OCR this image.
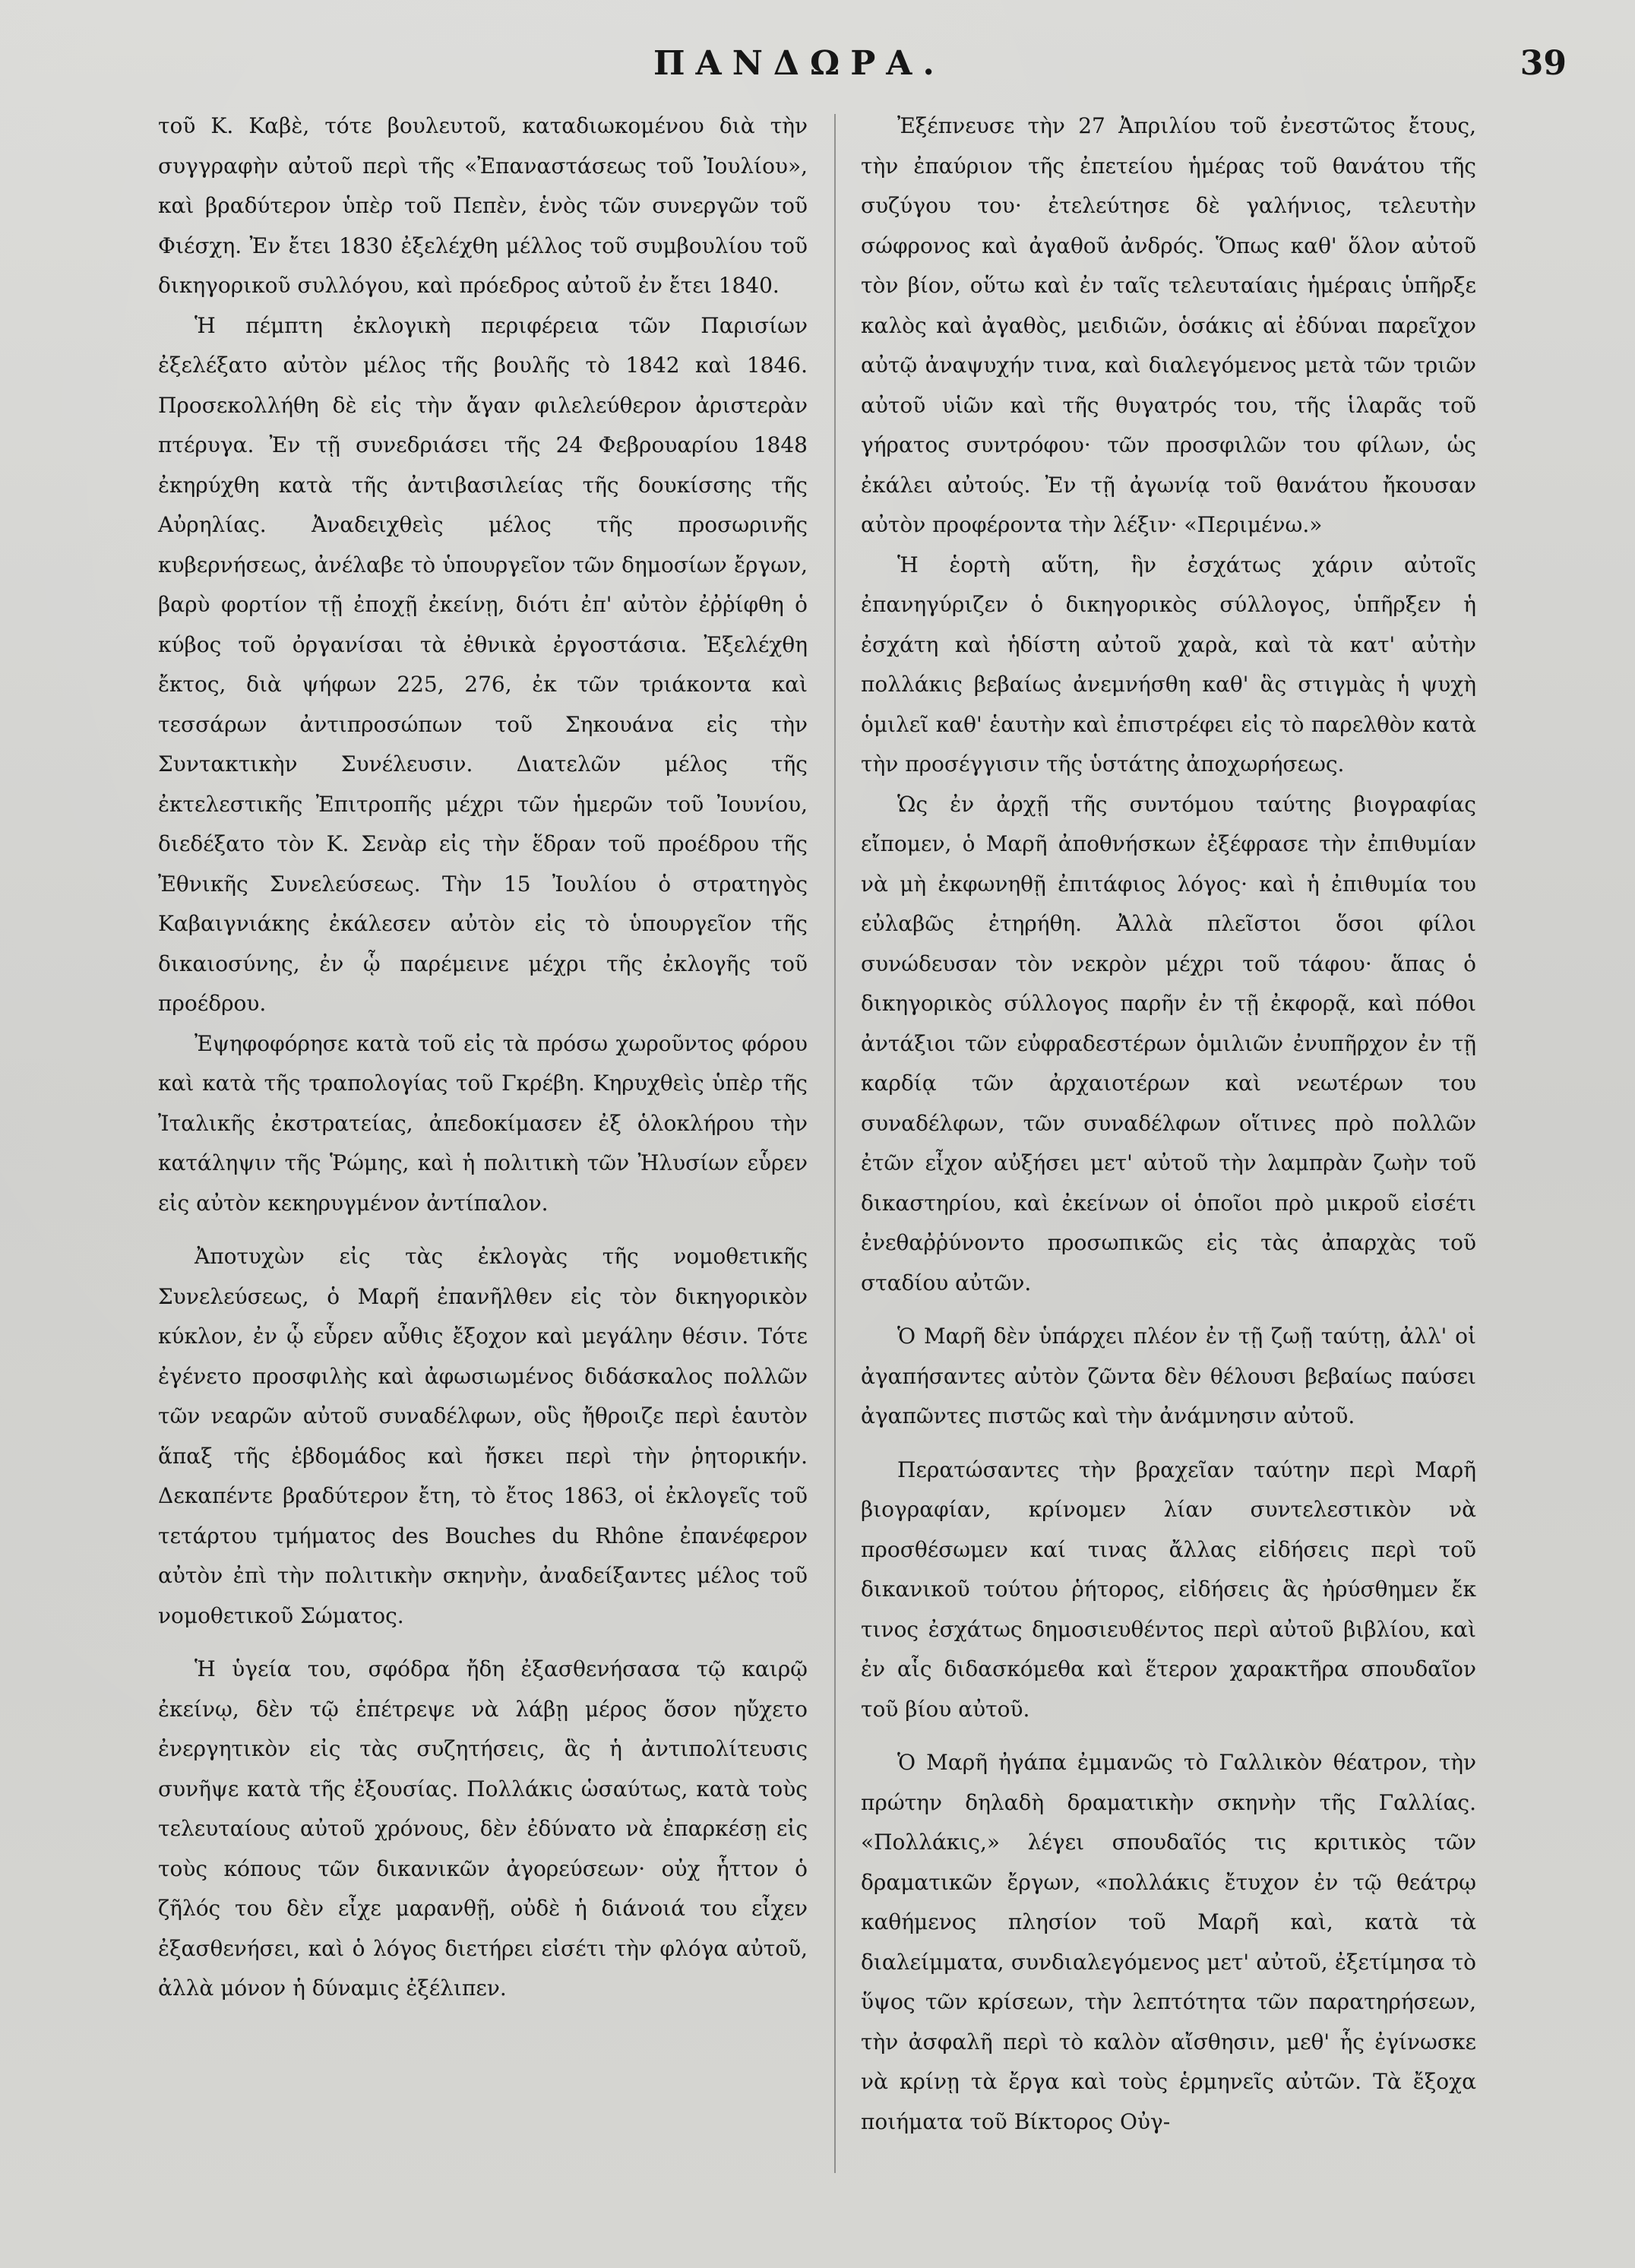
ΠΑΝΔΩΡΑ.	39

τοῦ Κ. Καβὲ, τότε βουλευτοῦ, καταδιωκομένου διὰ τὴν συγγραφὴν αὐτοῦ περὶ τῆς «Ἐπαναστάσεως τοῦ Ἰουλίου», καὶ βραδύτερον ὑπὲρ τοῦ Πεπὲν, ἑνὸς τῶν συνεργῶν τοῦ Φιέσχη. Ἐν ἔτει 1830 ἐξελέχθη μέλλος τοῦ συμβουλίου τοῦ δικηγορικοῦ συλλόγου, καὶ πρόεδρος αὐτοῦ ἐν ἔτει 1840.

Ἡ πέμπτη ἐκλογικὴ περιφέρεια τῶν Παρισίων ἐξελέξατο αὐτὸν μέλος τῆς βουλῆς τὸ 1842 καὶ 1846. Προσεκολλήθη δὲ εἰς τὴν ἄγαν φιλελεύθερον ἀριστερὰν πτέρυγα. Ἐν τῇ συνεδριάσει τῆς 24 Φεβρουαρίου 1848 ἐκηρύχθη κατὰ τῆς ἀντιβασιλείας τῆς δουκίσσης τῆς Αὐρηλίας. Ἀναδειχθεὶς μέλος τῆς προσωρινῆς κυβερνήσεως, ἀνέλαβε τὸ ὑπουργεῖον τῶν δημοσίων ἔργων, βαρὺ φορτίον τῇ ἐποχῇ ἐκείνῃ, διότι ἐπ' αὐτὸν ἐῤῥίφθη ὁ κύβος τοῦ ὀργανίσαι τὰ ἐθνικὰ ἐργοστάσια. Ἐξελέχθη ἔκτος, διὰ ψήφων 225, 276, ἐκ τῶν τριάκοντα καὶ τεσσάρων ἀντιπροσώπων τοῦ Σηκουάνα εἰς τὴν Συντακτικὴν Συνέλευσιν. Διατελῶν μέλος τῆς ἐκτελεστικῆς Ἐπιτροπῆς μέχρι τῶν ἡμερῶν τοῦ Ἰουνίου, διεδέξατο τὸν Κ. Σενὰρ εἰς τὴν ἕδραν τοῦ προέδρου τῆς Ἐθνικῆς Συνελεύσεως. Τὴν 15 Ἰουλίου ὁ στρατηγὸς Καβαιγνιάκης ἐκάλεσεν αὐτὸν εἰς τὸ ὑπουργεῖον τῆς δικαιοσύνης, ἐν ᾧ παρέμεινε μέχρι τῆς ἐκλογῆς τοῦ προέδρου.

Ἐψηφοφόρησε κατὰ τοῦ εἰς τὰ πρόσω χωροῦντος φόρου καὶ κατὰ τῆς τραπολογίας τοῦ Γκρέβη. Κηρυχθεὶς ὑπὲρ τῆς Ἰταλικῆς ἐκστρατείας, ἀπεδοκίμασεν ἐξ ὁλοκλήρου τὴν κατάληψιν τῆς Ῥώμης, καὶ ἡ πολιτικὴ τῶν Ἠλυσίων εὗρεν εἰς αὐτὸν κεκηρυγμένον ἀντίπαλον.

Ἀποτυχὼν εἰς τὰς ἐκλογὰς τῆς νομοθετικῆς Συνελεύσεως, ὁ Μαρῆ ἐπανῆλθεν εἰς τὸν δικηγορικὸν κύκλον, ἐν ᾧ εὗρεν αὖθις ἔξοχον καὶ μεγάλην θέσιν. Τότε ἐγένετο προσφιλὴς καὶ ἀφωσιωμένος διδάσκαλος πολλῶν τῶν νεαρῶν αὐτοῦ συναδέλφων, οὓς ἤθροιζε περὶ ἑαυτὸν ἅπαξ τῆς ἑβδομάδος καὶ ἤσκει περὶ τὴν ῥητορικήν. Δεκαπέντε βραδύτερον ἔτη, τὸ ἔτος 1863, οἱ ἐκλογεῖς τοῦ τετάρτου τμήματος des Bouches du Rhône ἐπανέφερον αὐτὸν ἐπὶ τὴν πολιτικὴν σκηνὴν, ἀναδείξαντες μέλος τοῦ νομοθετικοῦ Σώματος.

Ἡ ὑγεία του, σφόδρα ἤδη ἐξασθενήσασα τῷ καιρῷ ἐκείνῳ, δὲν τῷ ἐπέτρεψε νὰ λάβῃ μέρος ὅσον ηὔχετο ἐνεργητικὸν εἰς τὰς συζητήσεις, ἃς ἡ ἀντιπολίτευσις συνῆψε κατὰ τῆς ἐξουσίας. Πολλάκις ὡσαύτως, κατὰ τοὺς τελευταίους αὐτοῦ χρόνους, δὲν ἐδύνατο νὰ ἐπαρκέσῃ εἰς τοὺς κόπους τῶν δικανικῶν ἀγορεύσεων· οὐχ ἧττον ὁ ζῆλός του δὲν εἶχε μαρανθῇ, οὐδὲ ἡ διάνοιά του εἶχεν ἐξασθενήσει, καὶ ὁ λόγος διετήρει εἰσέτι τὴν φλόγα αὐτοῦ, ἀλλὰ μόνον ἡ δύναμις ἐξέλιπεν.

Ἐξέπνευσε τὴν 27 Ἀπριλίου τοῦ ἐνεστῶτος ἔτους, τὴν ἐπαύριον τῆς ἐπετείου ἡμέρας τοῦ θανάτου τῆς συζύγου του· ἐτελεύτησε δὲ γαλήνιος, τελευτὴν σώφρονος καὶ ἀγαθοῦ ἀνδρός. Ὅπως καθ' ὅλον αὐτοῦ τὸν βίον, οὕτω καὶ ἐν ταῖς τελευταίαις ἡμέραις ὑπῆρξε καλὸς καὶ ἀγαθὸς, μειδιῶν, ὁσάκις αἱ ἐδύναι παρεῖχον αὐτῷ ἀναψυχήν τινα, καὶ διαλεγόμενος μετὰ τῶν τριῶν αὐτοῦ υἱῶν καὶ τῆς θυγατρός του, τῆς ἱλαρᾶς τοῦ γήρατος συντρόφου· τῶν προσφιλῶν του φίλων, ὡς ἐκάλει αὐτούς. Ἐν τῇ ἀγωνίᾳ τοῦ θανάτου ἤκουσαν αὐτὸν προφέροντα τὴν λέξιν· «Περιμένω.»

Ἡ ἑορτὴ αὕτη, ἣν ἐσχάτως χάριν αὐτοῖς ἐπανηγύριζεν ὁ δικηγορικὸς σύλλογος, ὑπῆρξεν ἡ ἐσχάτη καὶ ἡδίστη αὐτοῦ χαρὰ, καὶ τὰ κατ' αὐτὴν πολλάκις βεβαίως ἀνεμνήσθη καθ' ἃς στιγμὰς ἡ ψυχὴ ὁμιλεῖ καθ' ἑαυτὴν καὶ ἐπιστρέφει εἰς τὸ παρελθὸν κατὰ τὴν προσέγγισιν τῆς ὑστάτης ἀποχωρήσεως.

Ὡς ἐν ἀρχῇ τῆς συντόμου ταύτης βιογραφίας εἴπομεν, ὁ Μαρῆ ἀποθνήσκων ἐξέφρασε τὴν ἐπιθυμίαν νὰ μὴ ἐκφωνηθῇ ἐπιτάφιος λόγος· καὶ ἡ ἐπιθυμία του εὐλαβῶς ἐτηρήθη. Ἀλλὰ πλεῖστοι ὅσοι φίλοι συνώδευσαν τὸν νεκρὸν μέχρι τοῦ τάφου· ἅπας ὁ δικηγορικὸς σύλλογος παρῆν ἐν τῇ ἐκφορᾷ, καὶ πόθοι ἀντάξιοι τῶν εὐφραδεστέρων ὁμιλιῶν ἐνυπῆρχον ἐν τῇ καρδίᾳ τῶν ἀρχαιοτέρων καὶ νεωτέρων του συναδέλφων, τῶν συναδέλφων οἵτινες πρὸ πολλῶν ἐτῶν εἶχον αὐξήσει μετ' αὐτοῦ τὴν λαμπρὰν ζωὴν τοῦ δικαστηρίου, καὶ ἐκείνων οἱ ὁποῖοι πρὸ μικροῦ εἰσέτι ἐνεθαῤῥύνοντο προσωπικῶς εἰς τὰς ἀπαρχὰς τοῦ σταδίου αὐτῶν.

Ὁ Μαρῆ δὲν ὑπάρχει πλέον ἐν τῇ ζωῇ ταύτῃ, ἀλλ' οἱ ἀγαπήσαντες αὐτὸν ζῶντα δὲν θέλουσι βεβαίως παύσει ἀγαπῶντες πιστῶς καὶ τὴν ἀνάμνησιν αὐτοῦ.

Περατώσαντες τὴν βραχεῖαν ταύτην περὶ Μαρῆ βιογραφίαν, κρίνομεν λίαν συντελεστικὸν νὰ προσθέσωμεν καί τινας ἄλλας εἰδήσεις περὶ τοῦ δικανικοῦ τούτου ῥήτορος, εἰδήσεις ἃς ἠρύσθημεν ἔκ τινος ἐσχάτως δημοσιευθέντος περὶ αὐτοῦ βιβλίου, καὶ ἐν αἷς διδασκόμεθα καὶ ἕτερον χαρακτῆρα σπουδαῖον τοῦ βίου αὐτοῦ.

Ὁ Μαρῆ ἠγάπα ἐμμανῶς τὸ Γαλλικὸν θέατρον, τὴν πρώτην δηλαδὴ δραματικὴν σκηνὴν τῆς Γαλλίας. «Πολλάκις,» λέγει σπουδαῖός τις κριτικὸς τῶν δραματικῶν ἔργων, «πολλάκις ἔτυχον ἐν τῷ θεάτρῳ καθήμενος πλησίον τοῦ Μαρῆ καὶ, κατὰ τὰ διαλείμματα, συνδιαλεγόμενος μετ' αὐτοῦ, ἐξετίμησα τὸ ὕψος τῶν κρίσεων, τὴν λεπτότητα τῶν παρατηρήσεων, τὴν ἀσφαλῆ περὶ τὸ καλὸν αἴσθησιν, μεθ' ἧς ἐγίνωσκε νὰ κρίνῃ τὰ ἔργα καὶ τοὺς ἑρμηνεῖς αὐτῶν. Τὰ ἔξοχα ποιήματα τοῦ Βίκτορος Οὐγ-
